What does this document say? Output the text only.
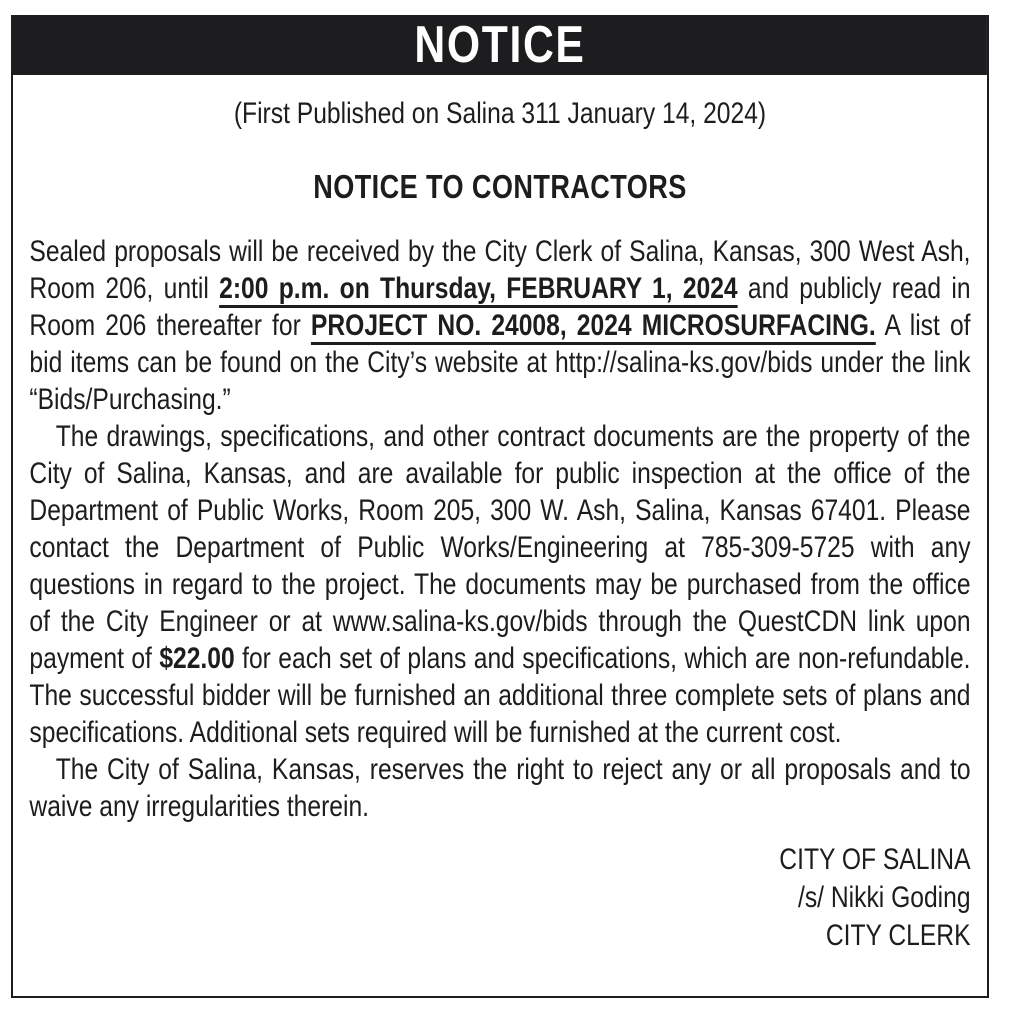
NOTICE

(First Published on Salina 311 January 14, 2024)

NOTICE TO CONTRACTORS

Sealed proposals will be received by the City Clerk of Salina, Kansas, 300 West Ash, Room 206, until 2:00 p.m. on Thursday, FEBRUARY 1, 2024 and publicly read in Room 206 thereafter for PROJECT NO. 24008, 2024 MICROSURFACING. A list of bid items can be found on the City’s website at http://salina-ks.gov/bids under the link “Bids/Purchasing.”

The drawings, specifications, and other contract documents are the property of the City of Salina, Kansas, and are available for public inspection at the office of the Department of Public Works, Room 205, 300 W. Ash, Salina, Kansas 67401. Please contact the Department of Public Works/Engineering at 785-309-5725 with any questions in regard to the project. The documents may be purchased from the office of the City Engineer or at www.salina-ks.gov/bids through the QuestCDN link upon payment of $22.00 for each set of plans and specifications, which are non-refundable. The successful bidder will be furnished an additional three complete sets of plans and specifications. Additional sets required will be furnished at the current cost.

The City of Salina, Kansas, reserves the right to reject any or all proposals and to waive any irregularities therein.

CITY OF SALINA
/s/ Nikki Goding
CITY CLERK
